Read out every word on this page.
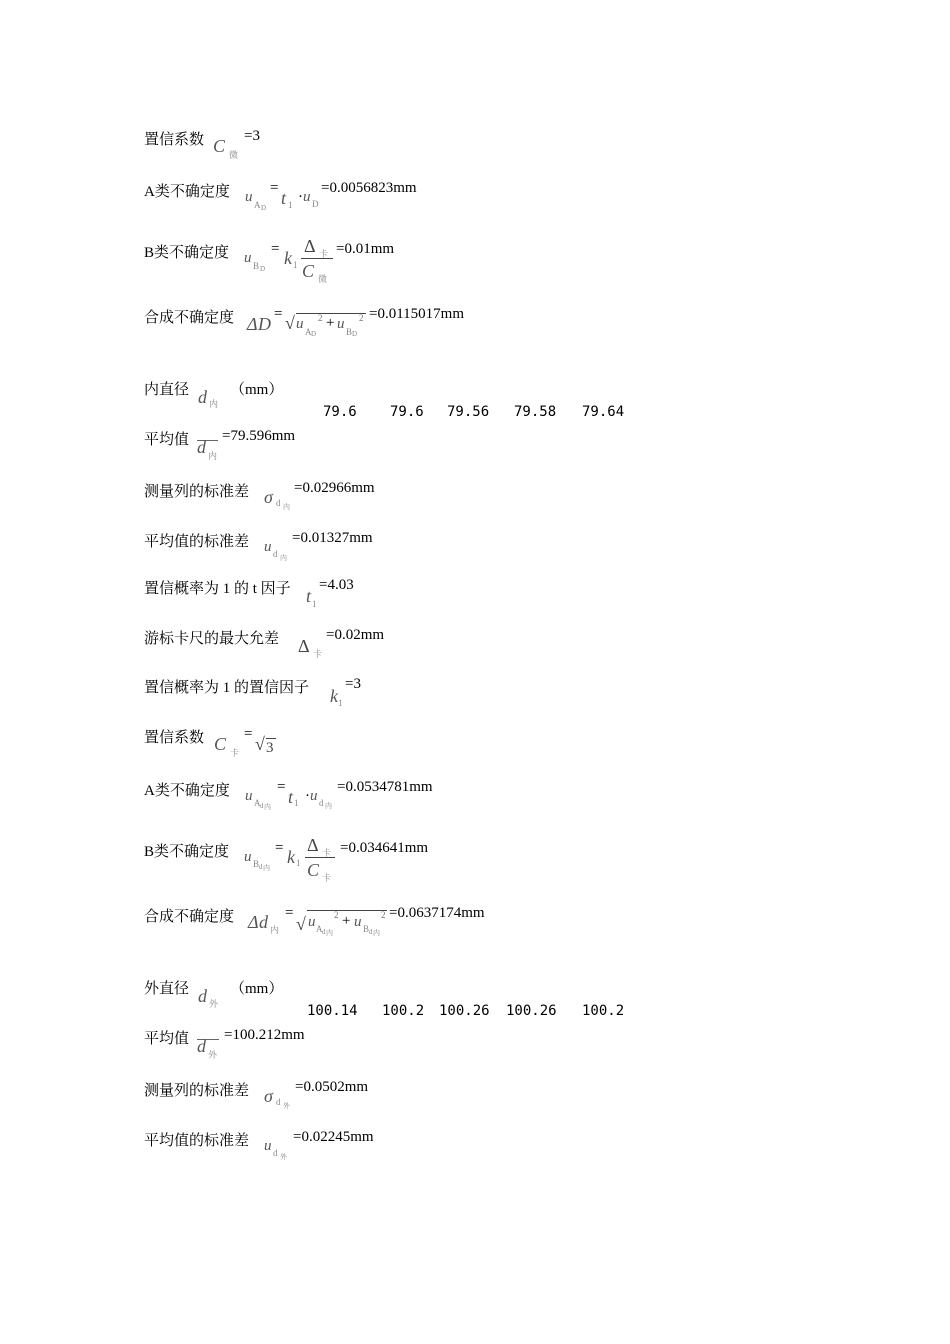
置信系数 C 微
=3
A类不确定度 u A D
= t 1 · u D
=0.0056823mm
B类不确定度 u B D
= k 1
Δ 卡
C 微
=0.01mm
合成不确定度 Δ D = √ u A D
2 + u B D
2 =0.0115017mm
内直径 d 内
（mm）
79.6 79.6 79.56 79.58 79.64
平均值 d 内
=79.596mm
测量列的标准差 σ d 内
=0.02966mm
平均值的标准差 u d 内
=0.01327mm
置信概率为 1 的 t 因子 t 1
=4.03
游标卡尺的最大允差 Δ 卡
=0.02mm
置信概率为 1 的置信因子 k 1
=3
置信系数 C 卡
= √ 3
A类不确定度 u A d 内
= t 1 · u d 内
=0.0534781mm
B类不确定度 u B d 内
= k 1
Δ 卡
C 卡
=0.034641mm
合成不确定度 Δ d 内
=
√ u A d 内
2 + u B d 内
2 =0.0637174mm
外直径 d 外
（mm）
100.14 100.2 100.26 100.26 100.2
平均值 d 外
=100.212mm
测量列的标准差 σ d 外
=0.0502mm
平均值的标准差 u d 外
=0.02245mm
